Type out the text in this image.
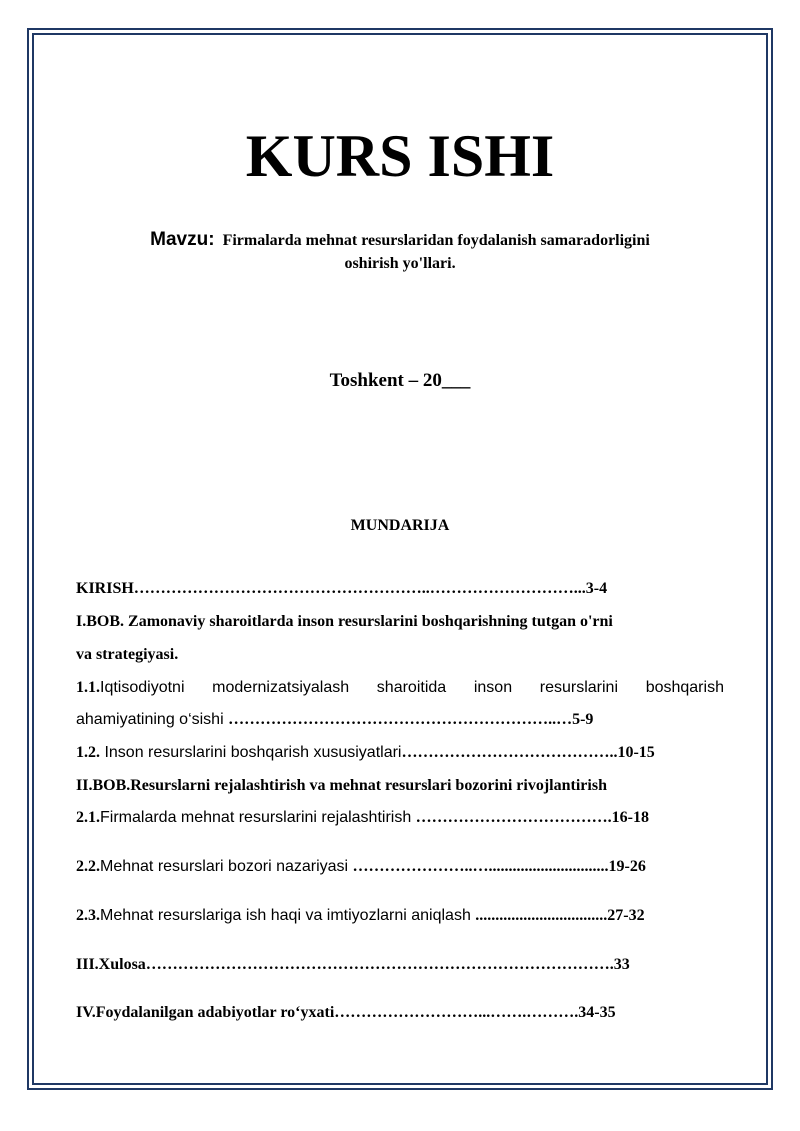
KURS ISHI
Mavzu: Firmalarda mehnat resurslaridan foydalanish samaradorligini
oshirish yo'llari.
Toshkent – 20___
MUNDARIJA
KIRISH………………………………………………..………………………...3-4
I.BOB. Zamonaviy sharoitlarda inson resurslarini boshqarishning tutgan o'rni
va strategiyasi.
1.1.Iqtisodiyotni modernizatsiyalash sharoitida inson resurslarini boshqarish
ahamiyatining o‘sishi ……………………………………………………..…5-9
1.2. Inson resurslarini boshqarish xususiyatlari…………………………………..10-15
II.BOB.Resurslarni rejalashtirish va mehnat resurslari bozorini rivojlantirish
2.1.Firmalarda mehnat resurslarini rejalashtirish ……………………………….16-18
2.2.Mehnat resurslari bozori nazariyasi …………………..…..............................19-26
2.3.Mehnat resurslariga ish haqi va imtiyozlarni aniqlash .................................27-32
III.Xulosa…………………………………………………………………………….33
IV.Foydalanilgan adabiyotlar ro‘yxati………………………...…….……….34-35
